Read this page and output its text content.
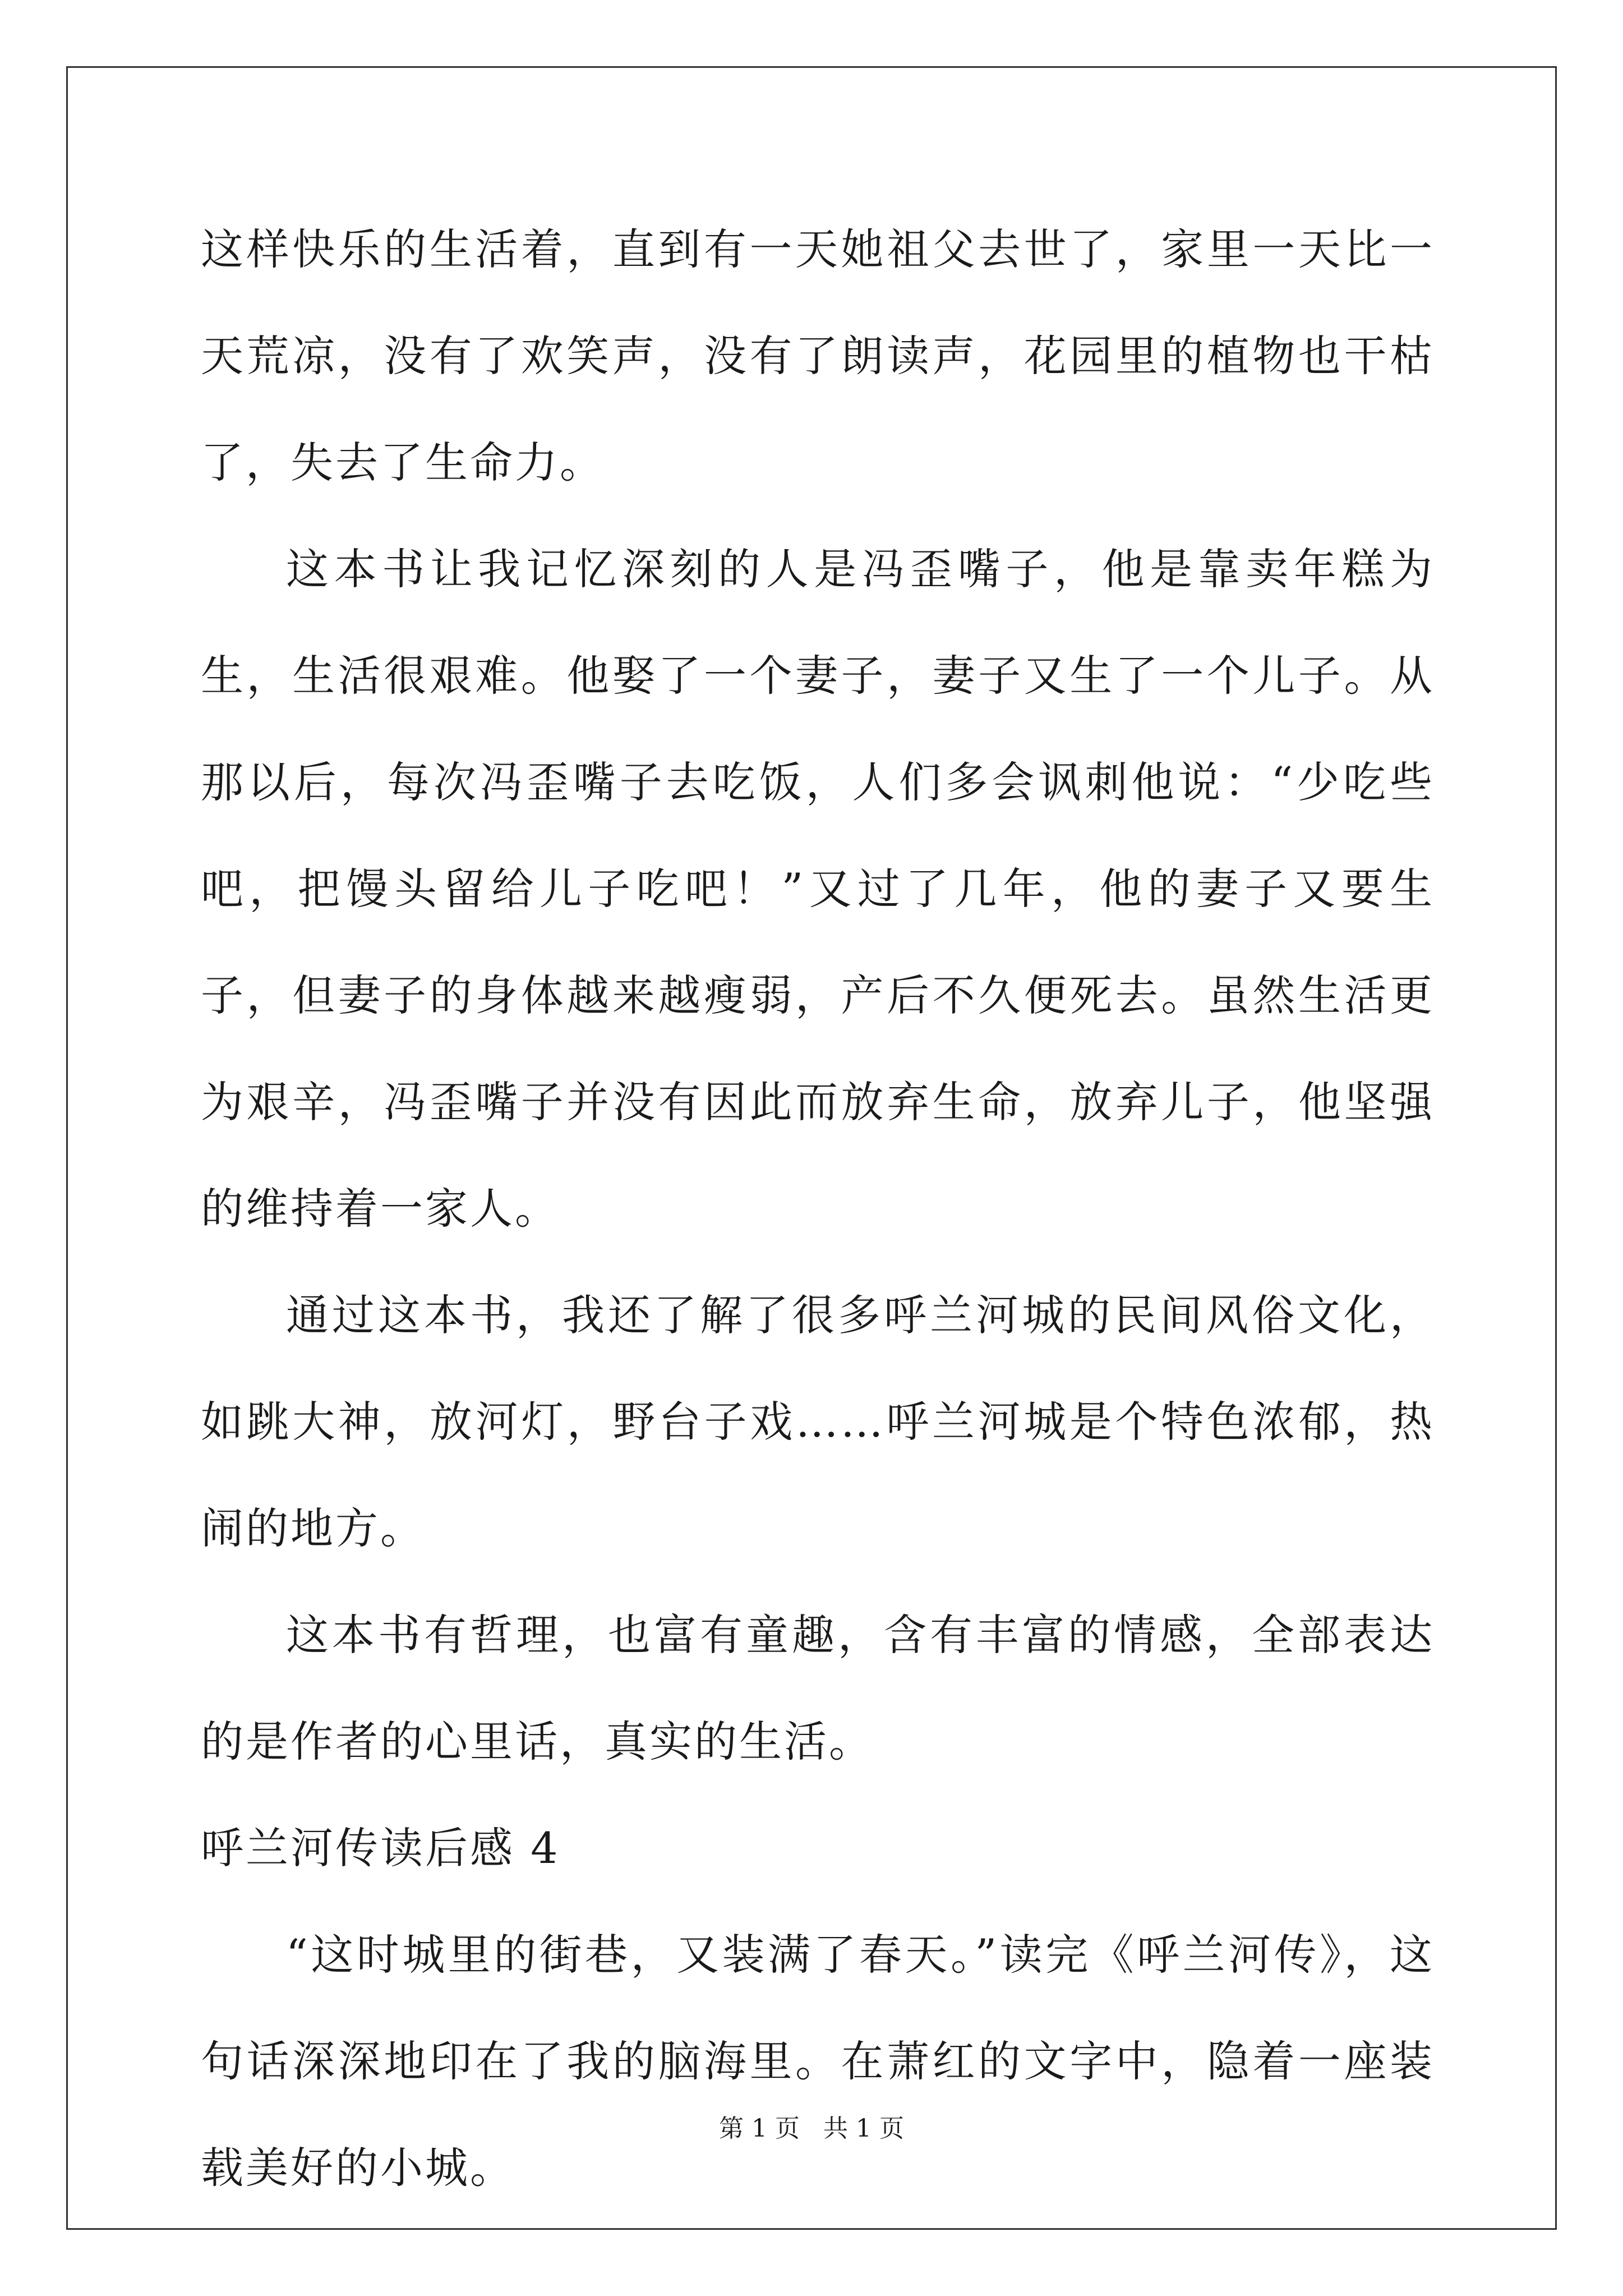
这样快乐的生活着，直到有一天她祖父去世了，家里一天比一天荒凉，没有了欢笑声，没有了朗读声，花园里的植物也干枯了，失去了生命力。

这本书让我记忆深刻的人是冯歪嘴子，他是靠卖年糕为生，生活很艰难。他娶了一个妻子，妻子又生了一个儿子。从那以后，每次冯歪嘴子去吃饭，人们多会讽刺他说：“少吃些吧，把馒头留给儿子吃吧！”又过了几年，他的妻子又要生子，但妻子的身体越来越瘦弱，产后不久便死去。虽然生活更为艰辛，冯歪嘴子并没有因此而放弃生命，放弃儿子，他坚强的维持着一家人。

通过这本书，我还了解了很多呼兰河城的民间风俗文化，如跳大神，放河灯，野台子戏……呼兰河城是个特色浓郁，热闹的地方。

这本书有哲理，也富有童趣，含有丰富的情感，全部表达的是作者的心里话，真实的生活。

呼兰河传读后感 4

“这时城里的街巷，又装满了春天。”读完《呼兰河传》，这句话深深地印在了我的脑海里。在萧红的文字中，隐着一座装载美好的小城。

第 1 页 共 1 页
